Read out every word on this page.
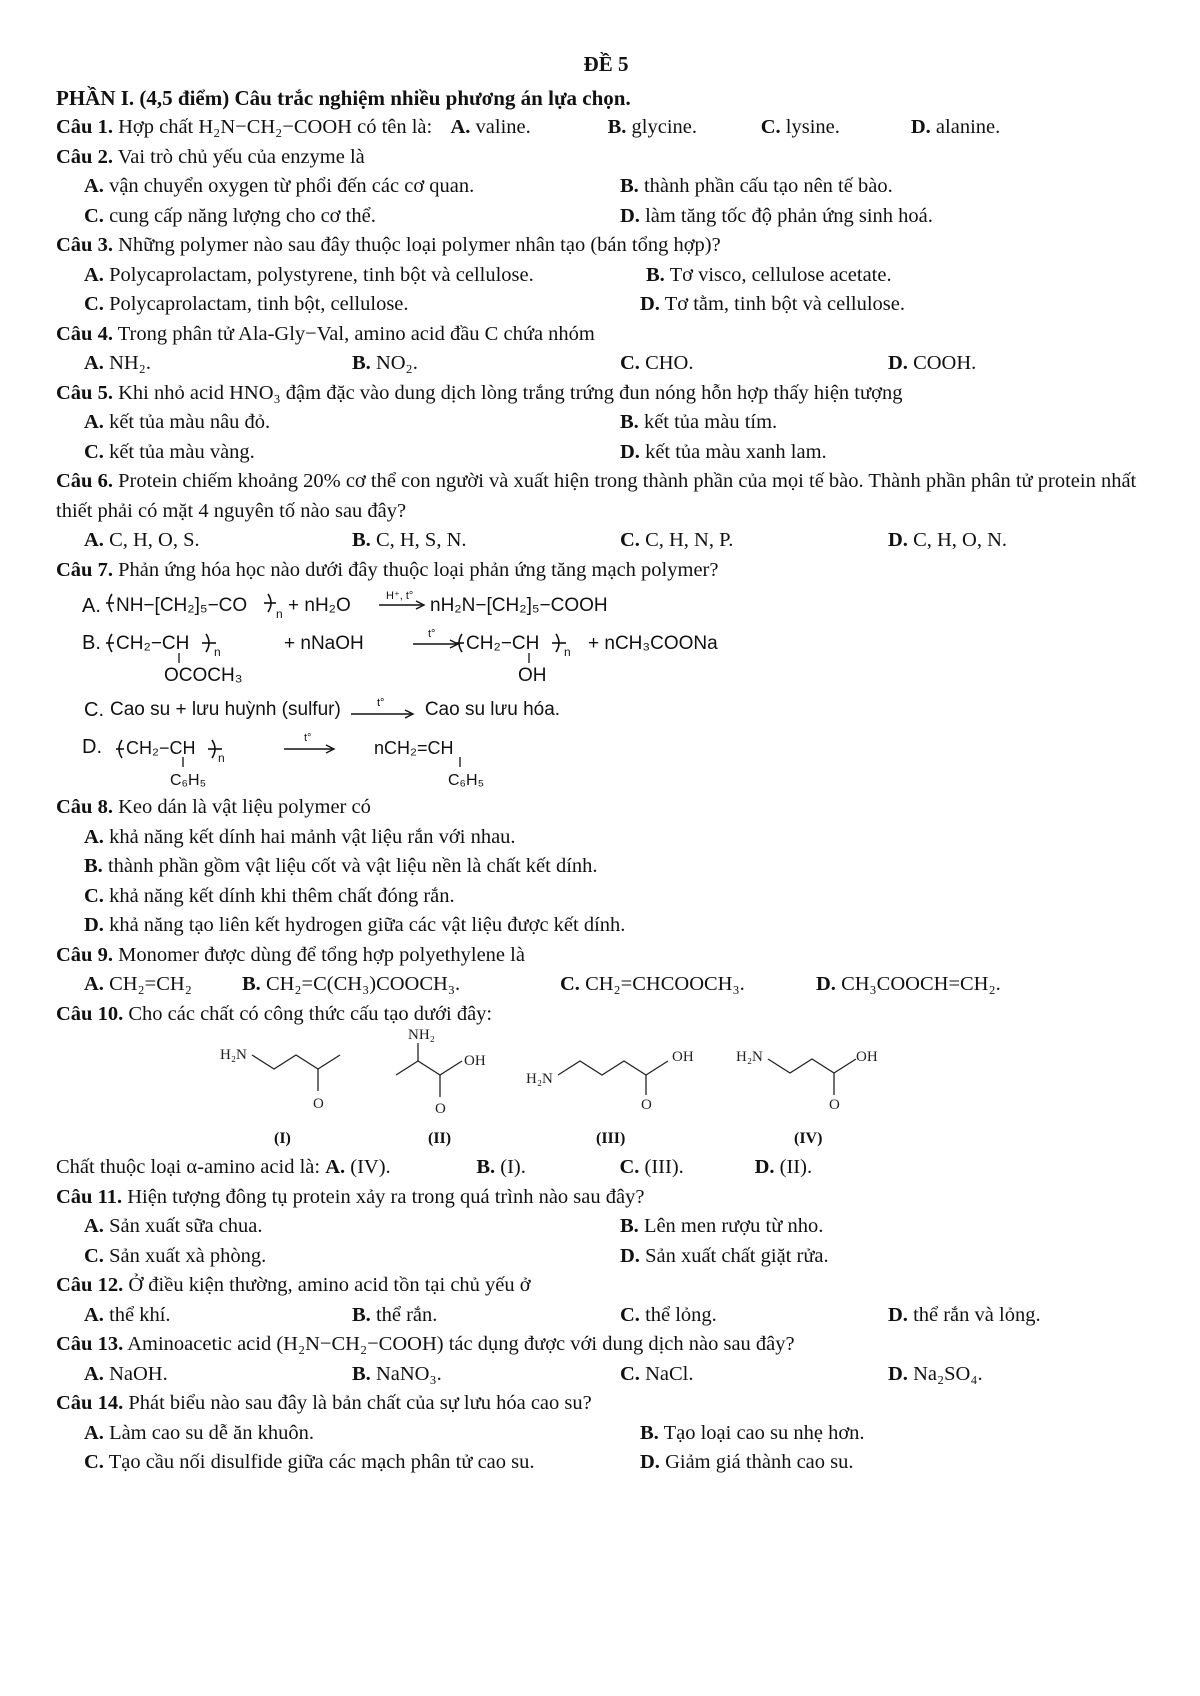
ĐỀ 5
PHẦN I. (4,5 điểm) Câu trắc nghiệm nhiều phương án lựa chọn.
Câu 1. Hợp chất H₂N−CH₂−COOH có tên là: A. valine.	B. glycine.	C. lysine.	D. alanine.
Câu 2. Vai trò chủ yếu của enzyme là
A. vận chuyển oxygen từ phổi đến các cơ quan.	B. thành phần cấu tạo nên tế bào.
C. cung cấp năng lượng cho cơ thể.	D. làm tăng tốc độ phản ứng sinh hoá.
Câu 3. Những polymer nào sau đây thuộc loại polymer nhân tạo (bán tổng hợp)?
A. Polycaprolactam, polystyrene, tinh bột và cellulose.	B. Tơ visco, cellulose acetate.
C. Polycaprolactam, tinh bột, cellulose.	D. Tơ tằm, tinh bột và cellulose.
Câu 4. Trong phân tử Ala-Gly−Val, amino acid đầu C chứa nhóm
A. NH₂.	B. NO₂.	C. CHO.	D. COOH.
Câu 5. Khi nhỏ acid HNO₃ đậm đặc vào dung dịch lòng trắng trứng đun nóng hỗn hợp thấy hiện tượng
A. kết tủa màu nâu đỏ.	B. kết tủa màu tím.
C. kết tủa màu vàng.	D. kết tủa màu xanh lam.
Câu 6. Protein chiếm khoảng 20% cơ thể con người và xuất hiện trong thành phần của mọi tế bào. Thành phần phân tử protein nhất thiết phải có mặt 4 nguyên tố nào sau đây?
A. C, H, O, S.	B. C, H, S, N.	C. C, H, N, P.	D. C, H, O, N.
Câu 7. Phản ứng hóa học nào dưới đây thuộc loại phản ứng tăng mạch polymer?
A. NH−[CH₂]₅−CO n + nH₂O	H⁺, t° nH₂N−[CH₂]₅−COOH
B. CH₂−CH n
OCOCH₃
+ nNaOH	t° CH₂−CH n
OH
+ nCH₃COONa
C. Cao su + lưu huỳnh (sulfur)	t° Cao su lưu hóa.
D. CH₂−CH n
C₆H₅
t°	nCH₂=CH
C₆H₅
Câu 8. Keo dán là vật liệu polymer có
A. khả năng kết dính hai mảnh vật liệu rắn với nhau.
B. thành phần gồm vật liệu cốt và vật liệu nền là chất kết dính.
C. khả năng kết dính khi thêm chất đóng rắn.
D. khả năng tạo liên kết hydrogen giữa các vật liệu được kết dính.
Câu 9. Monomer được dùng để tổng hợp polyethylene là
A. CH₂=CH₂	B. CH₂=C(CH₃)COOCH₃.	C. CH₂=CHCOOCH₃.	D. CH₃COOCH=CH₂.
Câu 10. Cho các chất có công thức cấu tạo dưới đây:
H₂N
O
NH₂
OH
O
H₂N
OH
O
H₂N	OH
O
(I)	(II)	(III)	(IV)
Chất thuộc loại α-amino acid là: A. (IV).	B. (I).	C. (III).	D. (II).
Câu 11. Hiện tượng đông tụ protein xảy ra trong quá trình nào sau đây?
A. Sản xuất sữa chua.	B. Lên men rượu từ nho.
C. Sản xuất xà phòng.	D. Sản xuất chất giặt rửa.
Câu 12. Ở điều kiện thường, amino acid tồn tại chủ yếu ở
A. thể khí.	B. thể rắn.	C. thể lỏng.	D. thể rắn và lỏng.
Câu 13. Aminoacetic acid (H₂N−CH₂−COOH) tác dụng được với dung dịch nào sau đây?
A. NaOH.	B. NaNO₃.	C. NaCl.	D. Na₂SO₄.
Câu 14. Phát biểu nào sau đây là bản chất của sự lưu hóa cao su?
A. Làm cao su dễ ăn khuôn.	B. Tạo loại cao su nhẹ hơn.
C. Tạo cầu nối disulfide giữa các mạch phân tử cao su.	D. Giảm giá thành cao su.
